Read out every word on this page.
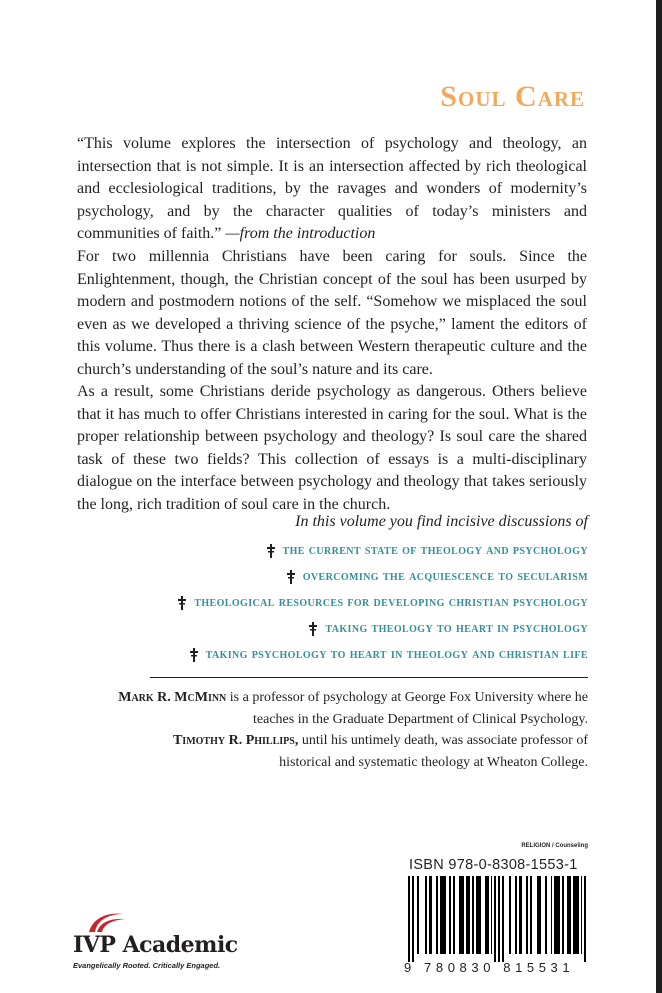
Soul Care

“This volume explores the intersection of psychology and theology, an intersection that is not simple. It is an intersection affected by rich theological and ecclesiological traditions, by the ravages and wonders of modernity’s psychology, and by the character qualities of today’s ministers and communities of faith.” —from the introduction

For two millennia Christians have been caring for souls. Since the Enlightenment, though, the Christian concept of the soul has been usurped by modern and postmodern notions of the self. “Somehow we misplaced the soul even as we developed a thriving science of the psyche,” lament the editors of this volume. Thus there is a clash between Western therapeutic culture and the church’s understanding of the soul’s nature and its care.

As a result, some Christians deride psychology as dangerous. Others believe that it has much to offer Christians interested in caring for the soul. What is the proper relationship between psychology and theology? Is soul care the shared task of these two fields? This collection of essays is a multi-disciplinary dialogue on the interface between psychology and theology that takes seriously the long, rich tradition of soul care in the church.

In this volume you find incisive discussions of

the current state of theology and psychology
overcoming the acquiescence to secularism
theological resources for developing christian psychology
taking theology to heart in psychology
taking psychology to heart in theology and christian life

Mark R. McMinn is a professor of psychology at George Fox University where he teaches in the Graduate Department of Clinical Psychology.

Timothy R. Phillips, until his untimely death, was associate professor of historical and systematic theology at Wheaton College.

RELIGION / Counseling

ISBN 978-0-8308-1553-1

9 780830 815531

IVP Academic

Evangelically Rooted. Critically Engaged.
